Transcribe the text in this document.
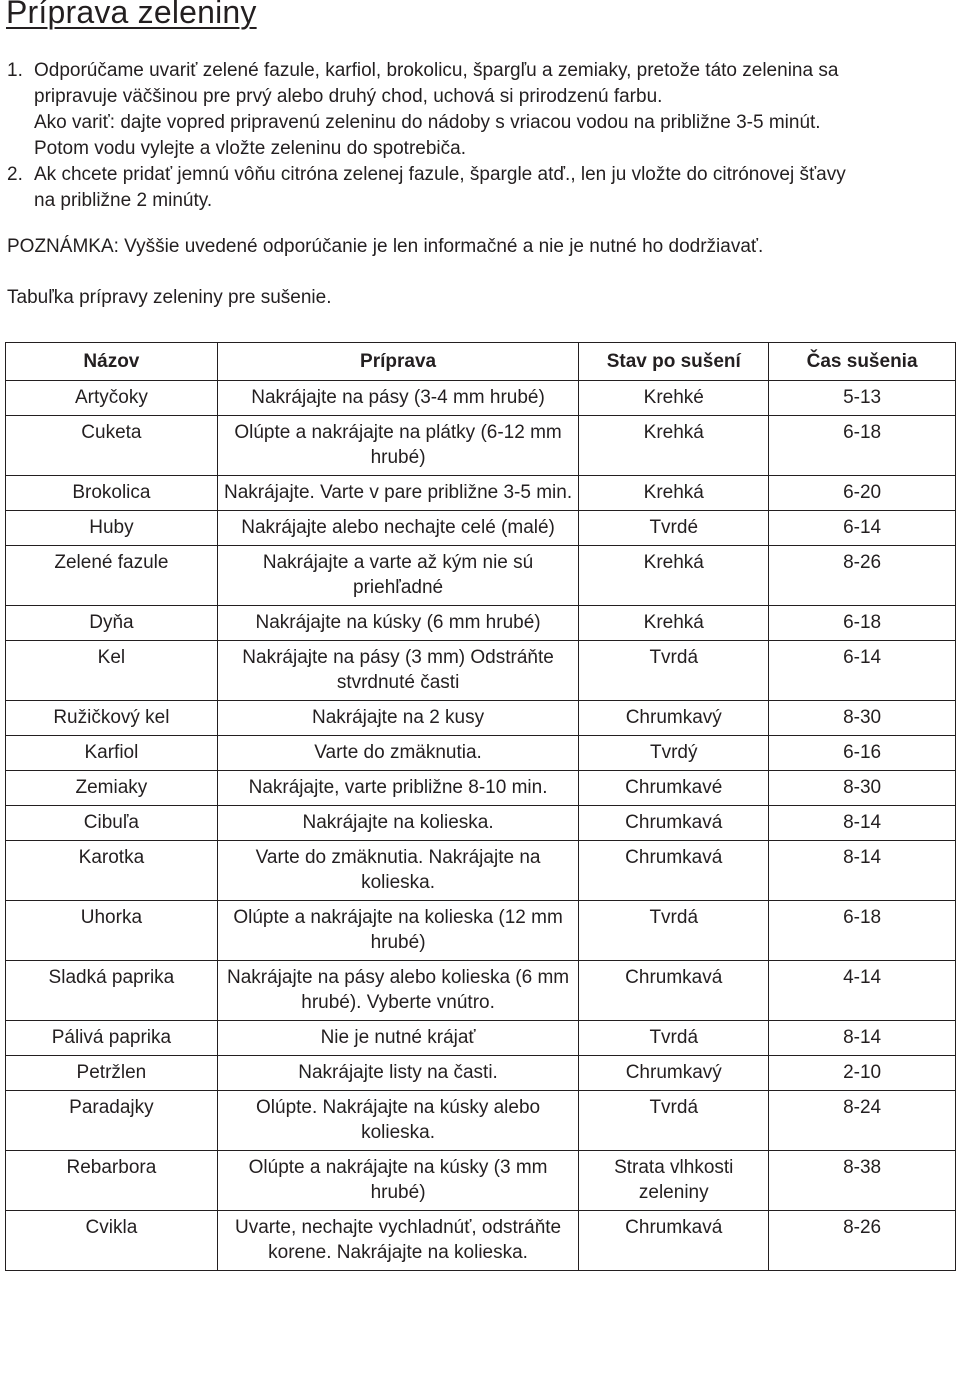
Príprava zeleniny
1. Odporúčame uvariť zelené fazule, karfiol, brokolicu, špargľu a zemiaky, pretože táto zelenina sa
pripravuje väčšinou pre prvý alebo druhý chod, uchová si prirodzenú farbu.
Ako variť: dajte vopred pripravenú zeleninu do nádoby s vriacou vodou na približne 3-5 minút.
Potom vodu vylejte a vložte zeleninu do spotrebiča.
2. Ak chcete pridať jemnú vôňu citróna zelenej fazule, špargle atď., len ju vložte do citrónovej šťavy
na približne 2 minúty.

POZNÁMKA: Vyššie uvedené odporúčanie je len informačné a nie je nutné ho dodržiavať.

Tabuľka prípravy zeleniny pre sušenie.

Názov	Príprava	Stav po sušení	Čas sušenia
Artyčoky	Nakrájajte na pásy (3-4 mm hrubé)	Krehké	5-13
Cuketa	Olúpte a nakrájajte na plátky (6-12 mm hrubé)	Krehká	6-18
Brokolica	Nakrájajte. Varte v pare približne 3-5 min.	Krehká	6-20
Huby	Nakrájajte alebo nechajte celé (malé)	Tvrdé	6-14
Zelené fazule	Nakrájajte a varte až kým nie sú priehľadné	Krehká	8-26
Dyňa	Nakrájajte na kúsky (6 mm hrubé)	Krehká	6-18
Kel	Nakrájajte na pásy (3 mm) Odstráňte stvrdnuté časti	Tvrdá	6-14
Ružičkový kel	Nakrájajte na 2 kusy	Chrumkavý	8-30
Karfiol	Varte do zmäknutia.	Tvrdý	6-16
Zemiaky	Nakrájajte, varte približne 8-10 min.	Chrumkavé	8-30
Cibuľa	Nakrájajte na kolieska.	Chrumkavá	8-14
Karotka	Varte do zmäknutia. Nakrájajte na kolieska.	Chrumkavá	8-14
Uhorka	Olúpte a nakrájajte na kolieska (12 mm hrubé)	Tvrdá	6-18
Sladká paprika	Nakrájajte na pásy alebo kolieska (6 mm hrubé). Vyberte vnútro.	Chrumkavá	4-14
Pálivá paprika	Nie je nutné krájať	Tvrdá	8-14
Petržlen	Nakrájajte listy na časti.	Chrumkavý	2-10
Paradajky	Olúpte. Nakrájajte na kúsky alebo kolieska.	Tvrdá	8-24
Rebarbora	Olúpte a nakrájajte na kúsky (3 mm hrubé)	Strata vlhkosti zeleniny	8-38
Cvikla	Uvarte, nechajte vychladnúť, odstráňte korene. Nakrájajte na kolieska.	Chrumkavá	8-26
